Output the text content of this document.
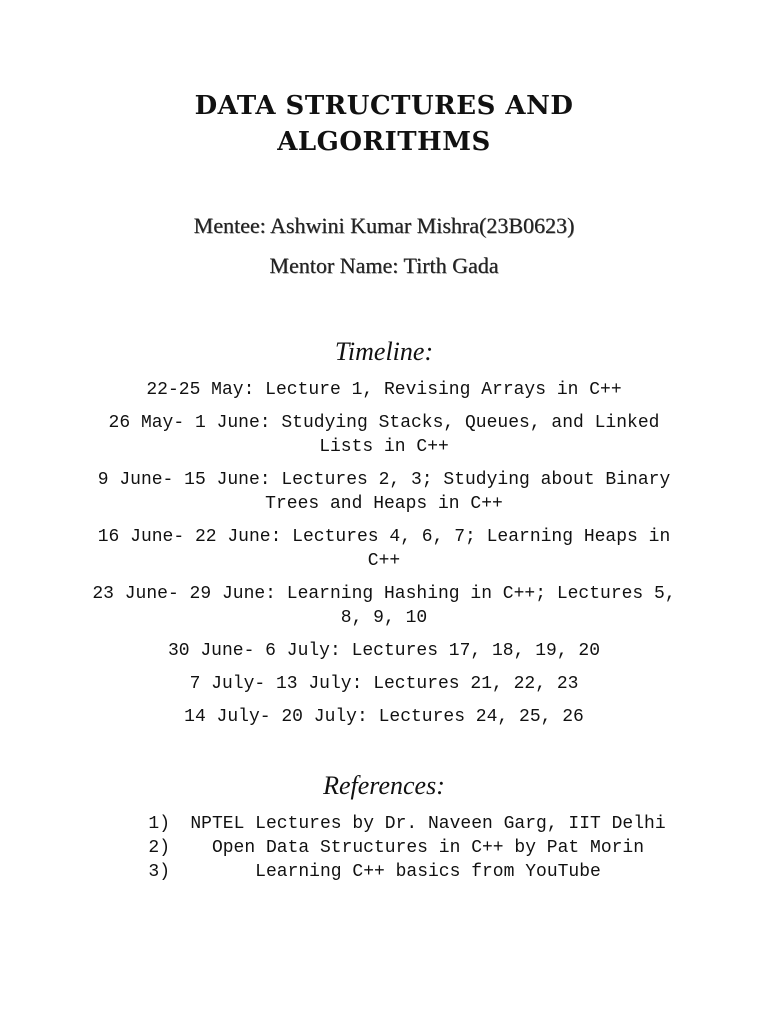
DATA STRUCTURES AND
ALGORITHMS
Mentee: Ashwini Kumar Mishra(23B0623)
Mentor Name: Tirth Gada
Timeline:
22-25 May: Lecture 1, Revising Arrays in C++
26 May- 1 June: Studying Stacks, Queues, and Linked Lists in C++
9 June- 15 June: Lectures 2, 3; Studying about Binary Trees and Heaps in C++
16 June- 22 June: Lectures 4, 6, 7; Learning Heaps in C++
23 June- 29 June: Learning Hashing in C++; Lectures 5, 8, 9, 10
30 June- 6 July: Lectures 17, 18, 19, 20
7 July- 13 July: Lectures 21, 22, 23
14 July- 20 July: Lectures 24, 25, 26
References:
1)	NPTEL Lectures by Dr. Naveen Garg, IIT Delhi
2)	Open Data Structures in C++ by Pat Morin
3)	Learning C++ basics from YouTube
